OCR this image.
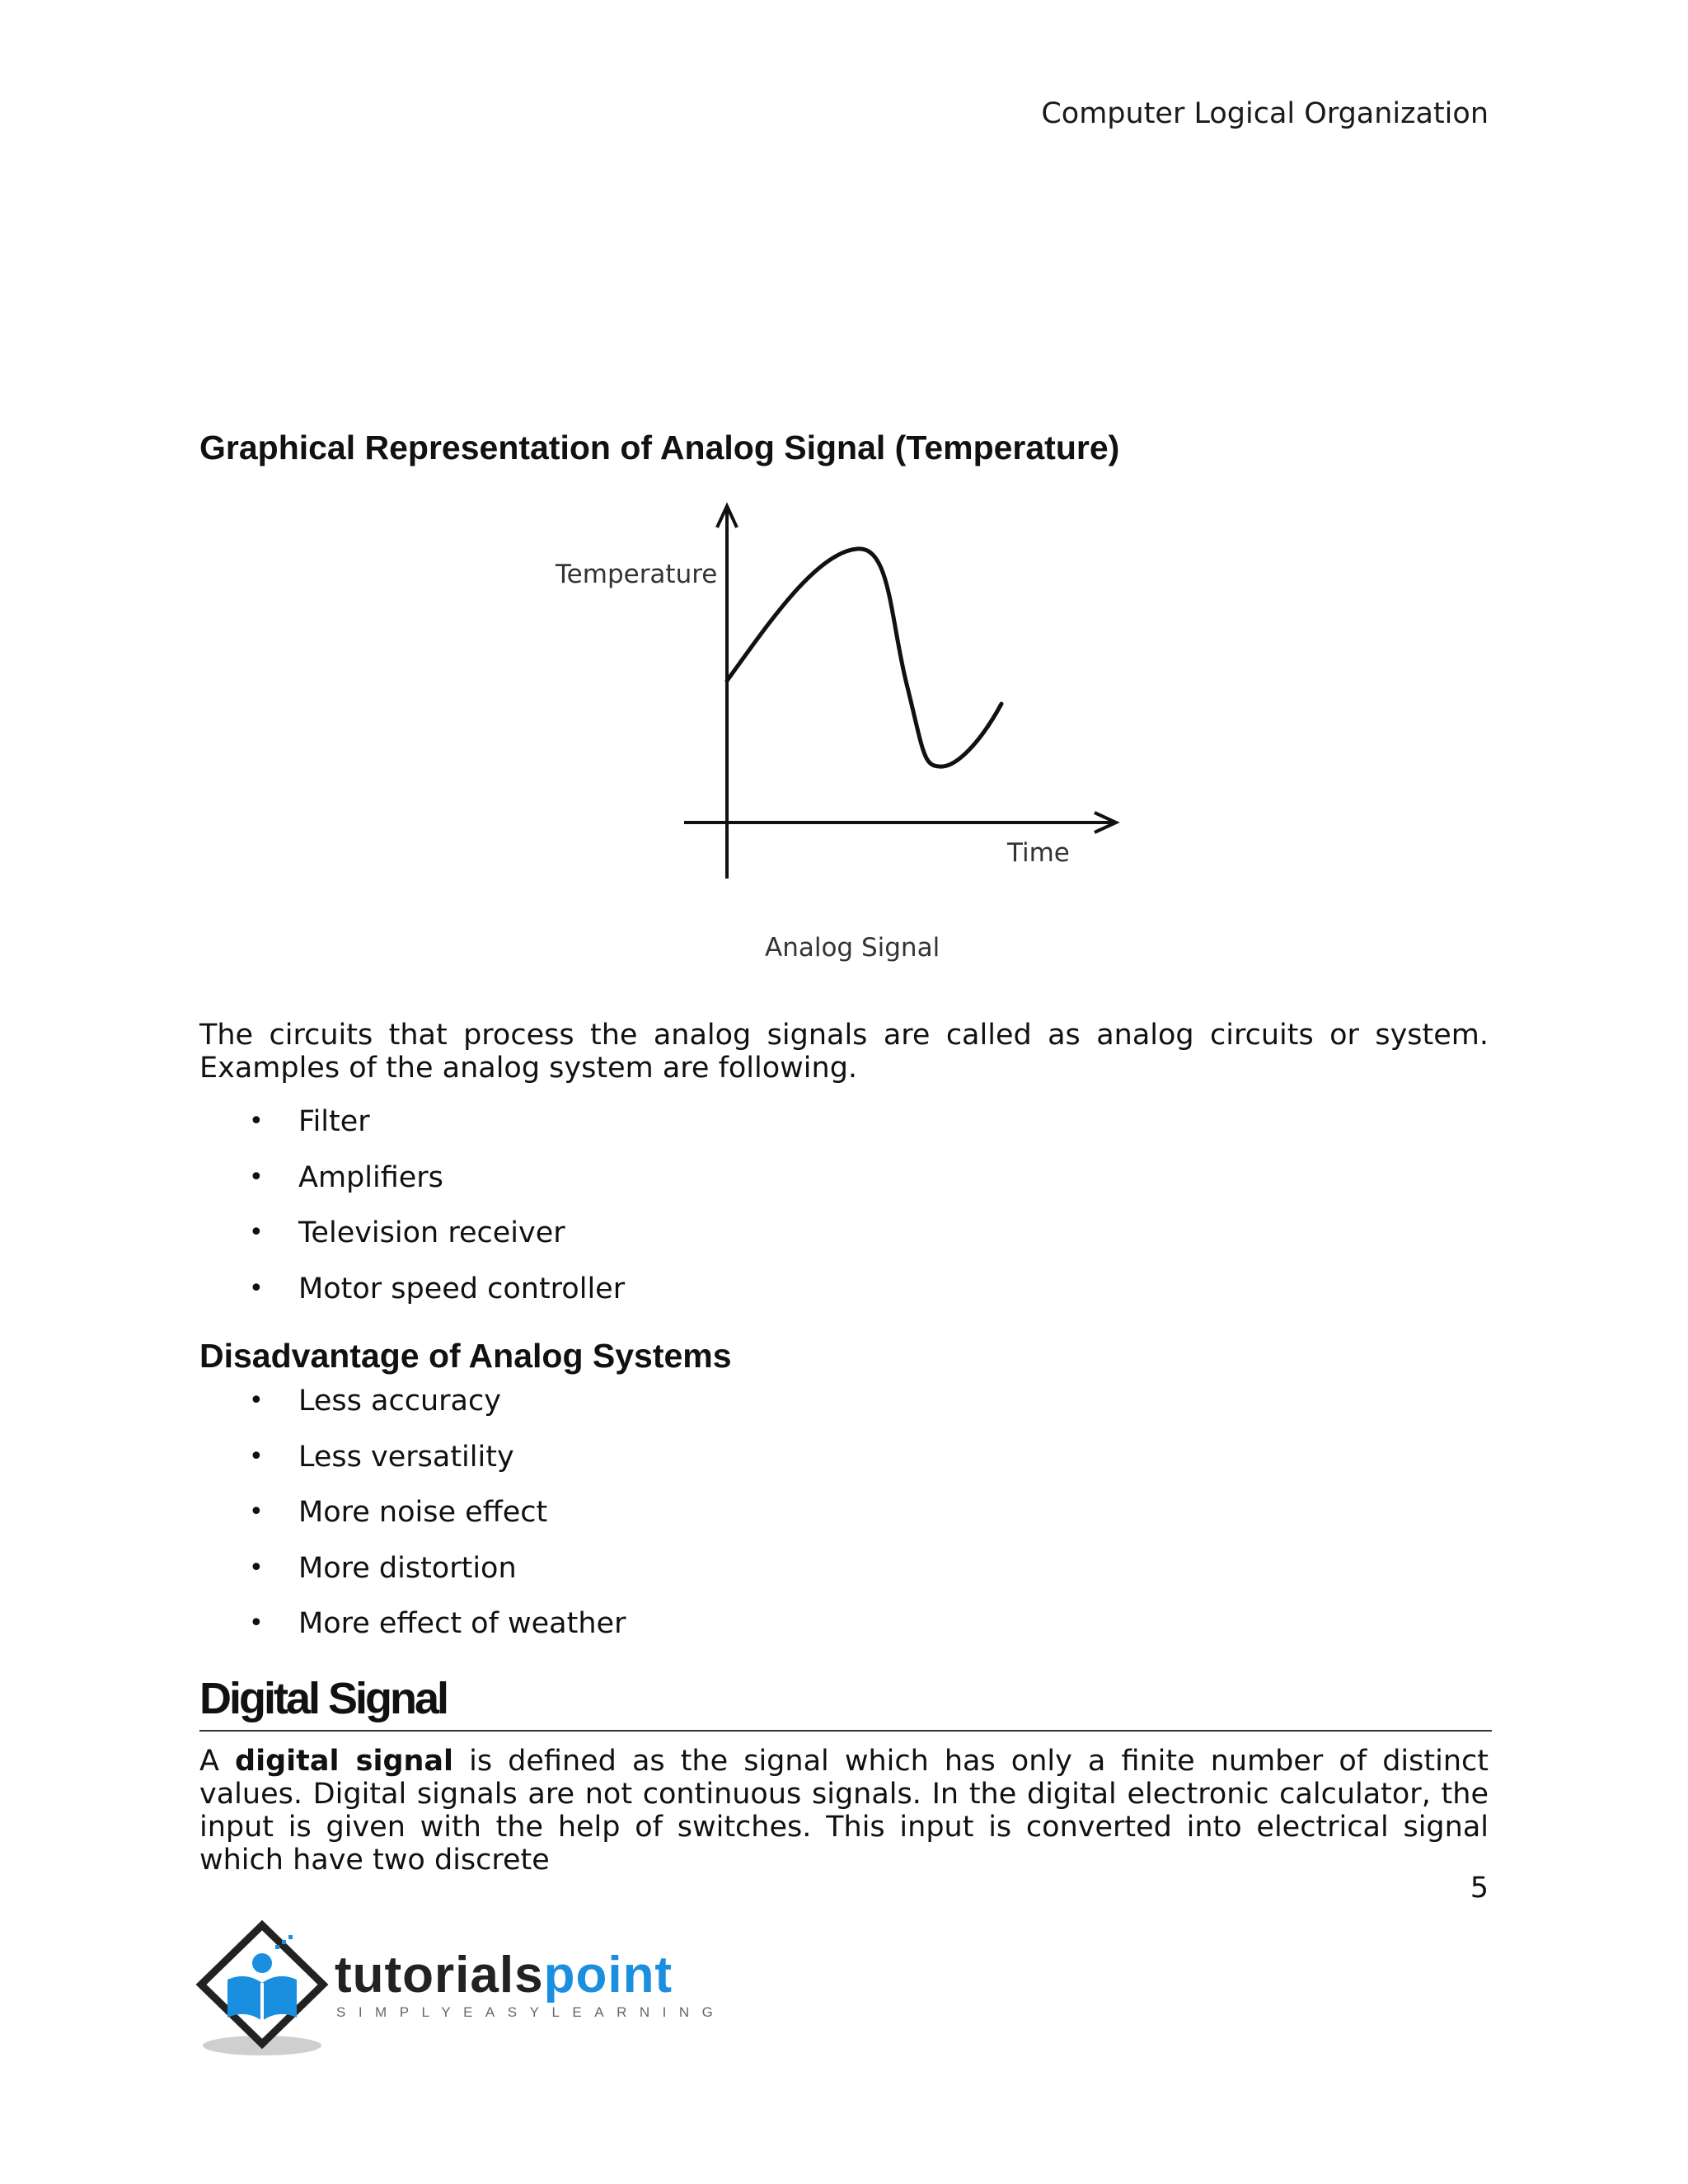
Computer Logical Organization
Graphical Representation of Analog Signal (Temperature)
Temperature
Time
Analog Signal

The circuits that process the analog signals are called as analog circuits or system. Examples of the analog system are following.

• Filter
• Amplifiers
• Television receiver
• Motor speed controller
Disadvantage of Analog Systems
• Less accuracy
• Less versatility
• More noise effect
• More distortion
• More effect of weather
Digital Signal

A digital signal is defined as the signal which has only a finite number of distinct values. Digital signals are not continuous signals. In the digital electronic calculator, the input is given with the help of switches. This input is converted into electrical signal which have two discrete

5
tutorialspoint
SIMPLYEASYLEARNING
